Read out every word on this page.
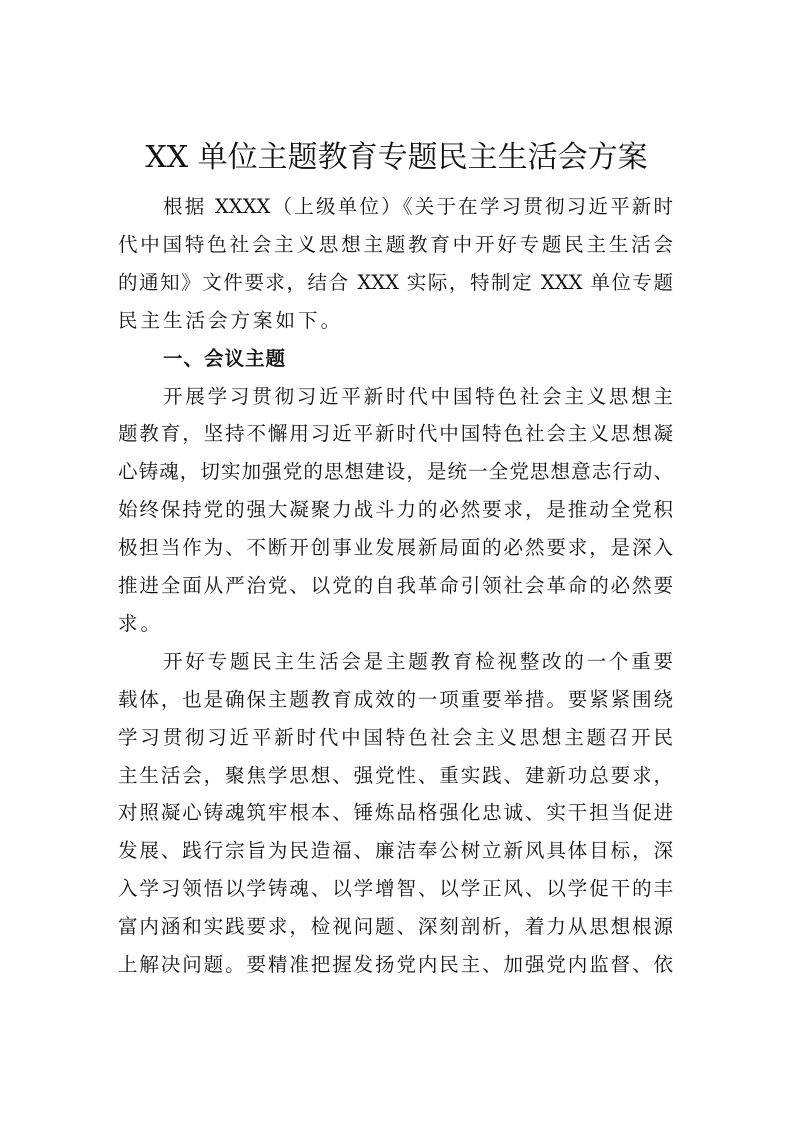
XX 单位主题教育专题民主生活会方案
根据 XXXX（上级单位）《关于在学习贯彻习近平新时
代中国特色社会主义思想主题教育中开好专题民主生活会
的通知》文件要求，结合 XXX 实际，特制定 XXX 单位专题
民主生活会方案如下。
一、会议主题
开展学习贯彻习近平新时代中国特色社会主义思想主
题教育，坚持不懈用习近平新时代中国特色社会主义思想凝
心铸魂，切实加强党的思想建设，是统一全党思想意志行动、
始终保持党的强大凝聚力战斗力的必然要求，是推动全党积
极担当作为、不断开创事业发展新局面的必然要求，是深入
推进全面从严治党、以党的自我革命引领社会革命的必然要
求。
开好专题民主生活会是主题教育检视整改的一个重要
载体，也是确保主题教育成效的一项重要举措。要紧紧围绕
学习贯彻习近平新时代中国特色社会主义思想主题召开民
主生活会，聚焦学思想、强党性、重实践、建新功总要求，
对照凝心铸魂筑牢根本、锤炼品格强化忠诚、实干担当促进
发展、践行宗旨为民造福、廉洁奉公树立新风具体目标，深
入学习领悟以学铸魂、以学增智、以学正风、以学促干的丰
富内涵和实践要求，检视问题、深刻剖析，着力从思想根源
上解决问题。要精准把握发扬党内民主、加强党内监督、依
